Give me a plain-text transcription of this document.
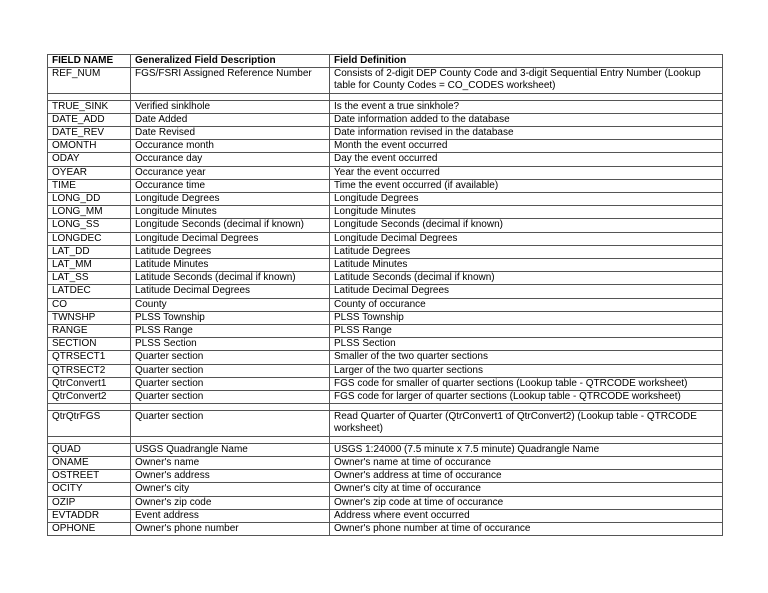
FIELD NAME	Generalized Field Description	Field Definition
REF_NUM	FGS/FSRI Assigned Reference Number	Consists of 2-digit DEP County Code and 3-digit Sequential Entry Number (Lookup table for County Codes = CO_CODES worksheet)

TRUE_SINK	Verified sinklhole	Is the event a true sinkhole?
DATE_ADD	Date Added	Date information added to the database
DATE_REV	Date Revised	Date information revised in the database
OMONTH	Occurance month	Month the event occurred
ODAY	Occurance day	Day the event occurred
OYEAR	Occurance year	Year the event occurred
TIME	Occurance time	Time the event occurred (if available)
LONG_DD	Longitude Degrees	Longitude Degrees
LONG_MM	Longitude Minutes	Longitude Minutes
LONG_SS	Longitude Seconds (decimal if known)	Longitude Seconds (decimal if known)
LONGDEC	Longitude Decimal Degrees	Longitude Decimal Degrees
LAT_DD	Latitude Degrees	Latitude Degrees
LAT_MM	Latitude Minutes	Latitude Minutes
LAT_SS	Latitude Seconds (decimal if known)	Latitude Seconds (decimal if known)
LATDEC	Latitude Decimal Degrees	Latitude Decimal Degrees
CO	County	County of occurance
TWNSHP	PLSS Township	PLSS Township
RANGE	PLSS Range	PLSS Range
SECTION	PLSS Section	PLSS Section
QTRSECT1	Quarter section	Smaller of the two quarter sections
QTRSECT2	Quarter section	Larger of the two quarter sections
QtrConvert1	Quarter section	FGS code for smaller of quarter sections (Lookup table - QTRCODE worksheet)
QtrConvert2	Quarter section	FGS code for larger of quarter sections (Lookup table - QTRCODE worksheet)

QtrQtrFGS	Quarter section	Read Quarter of Quarter (QtrConvert1 of QtrConvert2) (Lookup table - QTRCODE worksheet)

QUAD	USGS Quadrangle Name	USGS 1:24000 (7.5 minute x 7.5 minute) Quadrangle Name
ONAME	Owner's name	Owner's name at time of occurance
OSTREET	Owner's address	Owner's address at time of occurance
OCITY	Owner's city	Owner's city at time of occurance
OZIP	Owner's zip code	Owner's zip code at time of occurance
EVTADDR	Event address	Address where event occurred
OPHONE	Owner's phone number	Owner's phone number at time of occurance
